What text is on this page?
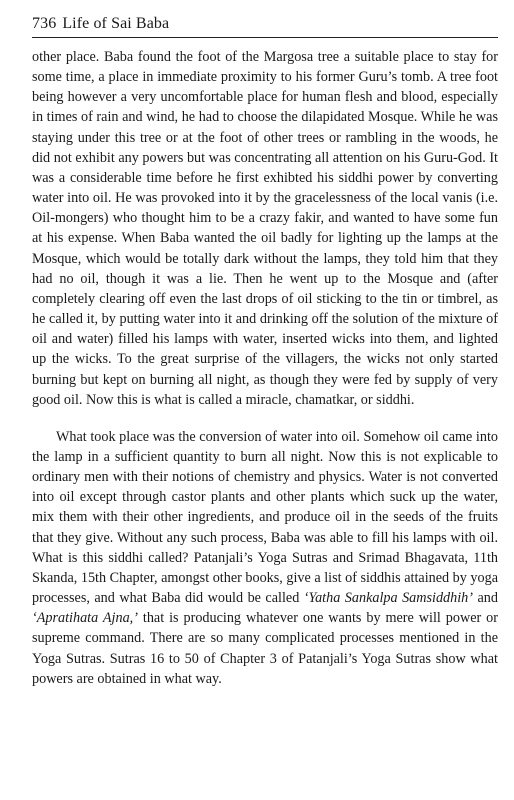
736 Life of Sai Baba

other place. Baba found the foot of the Margosa tree a suitable place to stay for some time, a place in immediate proximity to his former Guru’s tomb. A tree foot being however a very uncomfortable place for human flesh and blood, especially in times of rain and wind, he had to choose the dilapidated Mosque. While he was staying under this tree or at the foot of other trees or rambling in the woods, he did not exhibit any powers but was concentrating all attention on his Guru-God. It was a considerable time before he first exhibted his siddhi power by converting water into oil. He was provoked into it by the gracelessness of the local vanis (i.e. Oil-mongers) who thought him to be a crazy fakir, and wanted to have some fun at his expense. When Baba wanted the oil badly for lighting up the lamps at the Mosque, which would be totally dark without the lamps, they told him that they had no oil, though it was a lie. Then he went up to the Mosque and (after completely clearing off even the last drops of oil sticking to the tin or timbrel, as he called it, by putting water into it and drinking off the solution of the mixture of oil and water) filled his lamps with water, inserted wicks into them, and lighted up the wicks. To the great surprise of the villagers, the wicks not only started burning but kept on burning all night, as though they were fed by supply of very good oil. Now this is what is called a miracle, chamatkar, or siddhi.

What took place was the conversion of water into oil. Somehow oil came into the lamp in a sufficient quantity to burn all night. Now this is not explicable to ordinary men with their notions of chemistry and physics. Water is not converted into oil except through castor plants and other plants which suck up the water, mix them with their other ingredients, and produce oil in the seeds of the fruits that they give. Without any such process, Baba was able to fill his lamps with oil. What is this siddhi called? Patanjali’s Yoga Sutras and Srimad Bhagavata, 11th Skanda, 15th Chapter, amongst other books, give a list of siddhis attained by yoga processes, and what Baba did would be called ‘Yatha Sankalpa Samsiddhih’ and ‘Apratihata Ajna,’ that is producing whatever one wants by mere will power or supreme command. There are so many complicated processes mentioned in the Yoga Sutras. Sutras 16 to 50 of Chapter 3 of Patanjali’s Yoga Sutras show what powers are obtained in what way.
